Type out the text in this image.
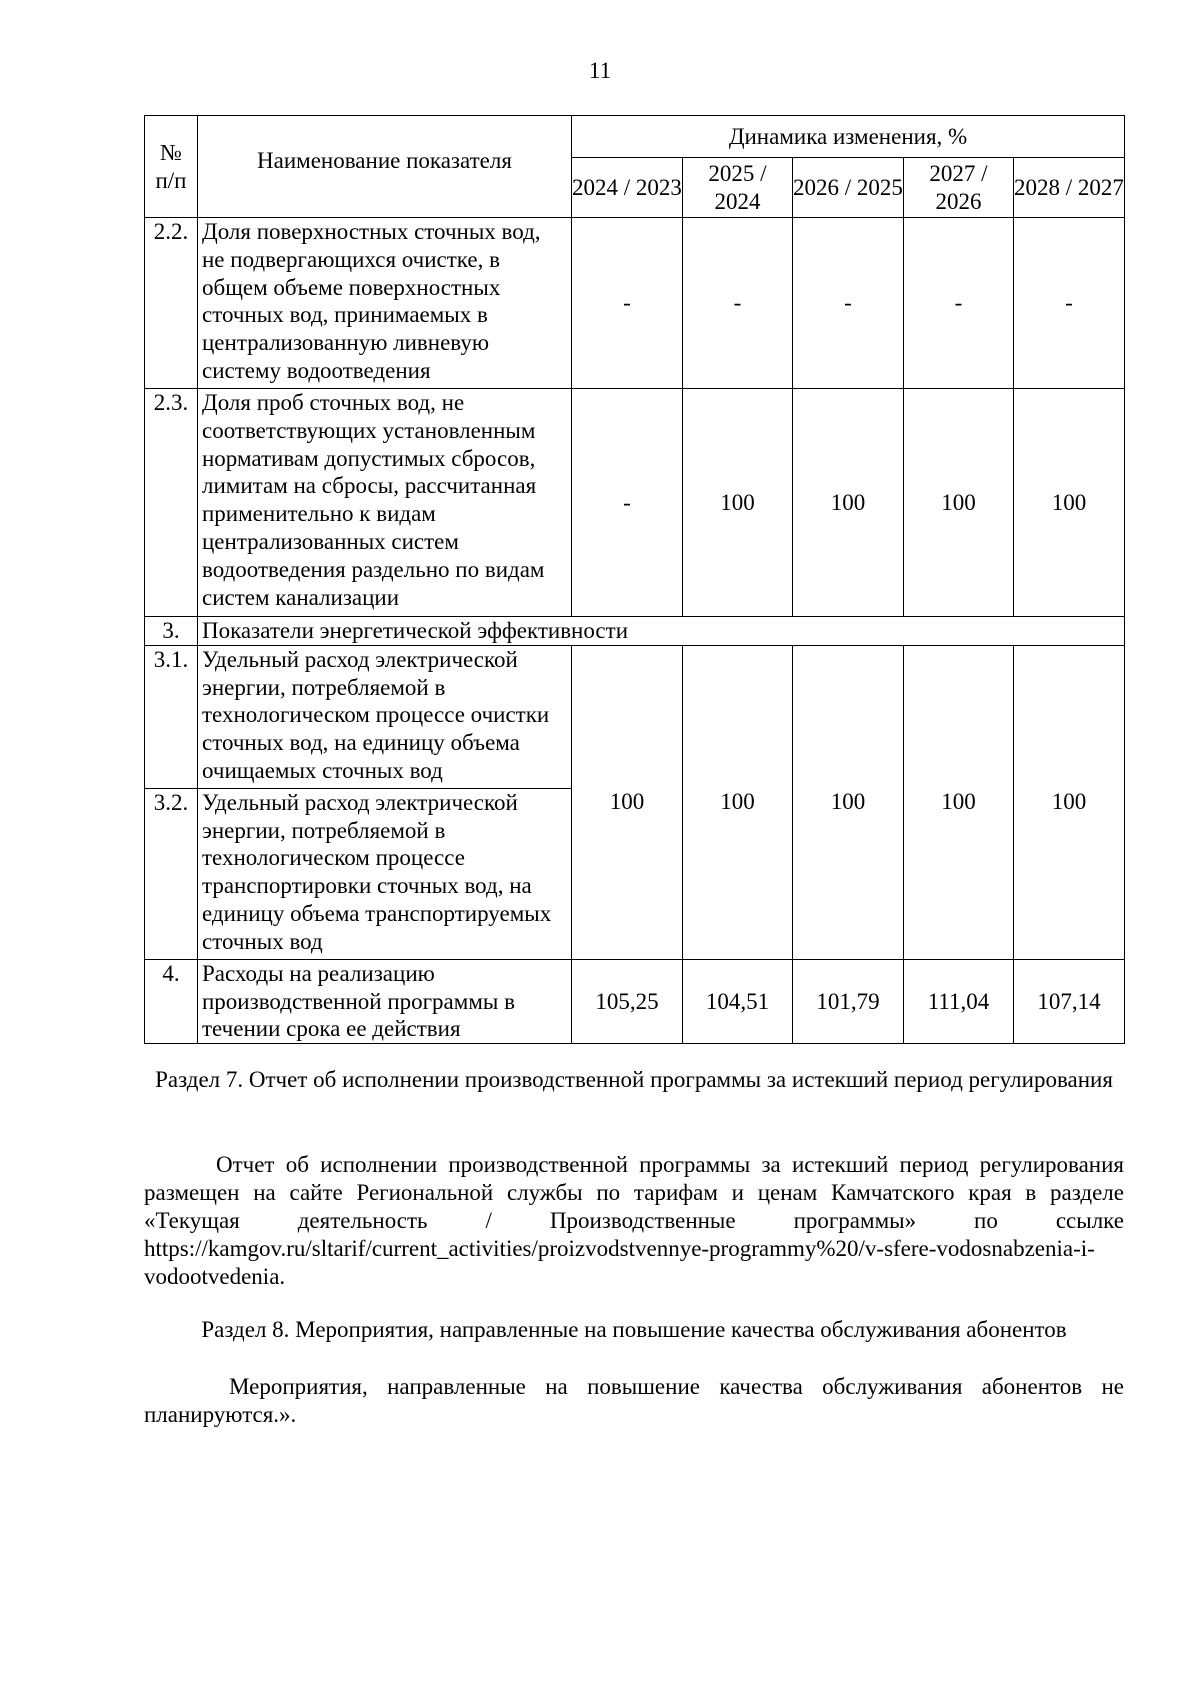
11
№ п/п	Наименование показателя	Динамика изменения, %				
		2024 / 2023	2025 / 2024	2026 / 2025	2027 / 2026	2028 / 2027
2.2.	Доля поверхностных сточных вод, не подвергающихся очистке, в общем объеме поверхностных сточных вод, принимаемых в централизованную ливневую систему водоотведения	-	-	-	-	-
2.3.	Доля проб сточных вод, не соответствующих установленным нормативам допустимых сбросов, лимитам на сбросы, рассчитанная применительно к видам централизованных систем водоотведения раздельно по видам систем канализации	-	100	100	100	100
3.	Показатели энергетической эффективности					
3.1.	Удельный расход электрической энергии, потребляемой в технологическом процессе очистки сточных вод, на единицу объема очищаемых сточных вод	100	100	100	100	100
3.2.	Удельный расход электрической энергии, потребляемой в технологическом процессе транспортировки сточных вод, на единицу объема транспортируемых сточных вод					
4.	Расходы на реализацию производственной программы в течении срока ее действия	105,25	104,51	101,79	111,04	107,14
Раздел 7. Отчет об исполнении производственной программы за истекший период регулирования
Отчет об исполнении производственной программы за истекший период регулирования размещен на сайте Региональной службы по тарифам и ценам Камчатского края в разделе «Текущая деятельность / Производственные программы» по ссылке https://kamgov.ru/sltarif/current_activities/proizvodstvennye-programmy%20/v-sfere-vodosnabzenia-i-vodootvedenia.
Раздел 8. Мероприятия, направленные на повышение качества обслуживания абонентов
Мероприятия, направленные на повышение качества обслуживания абонентов не планируются.».
